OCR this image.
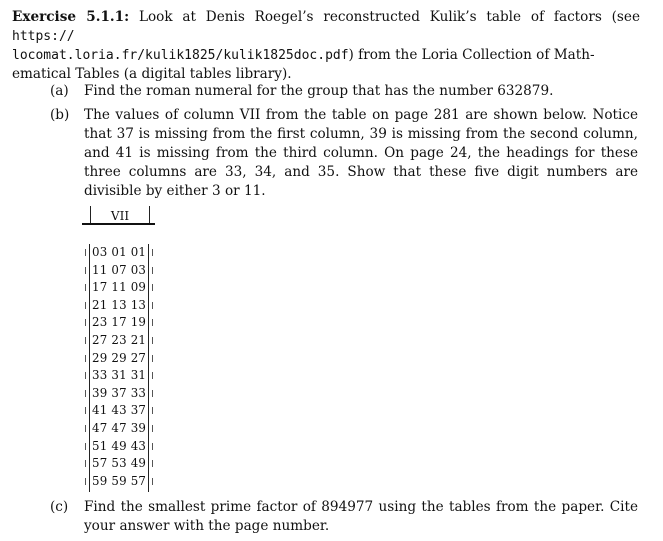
Exercise 5.1.1: Look at Denis Roegel’s reconstructed Kulik’s table of factors (see https://
locomat.loria.fr/kulik1825/kulik1825doc.pdf) from the Loria Collection of Math-
ematical Tables (a digital tables library).
(a) Find the roman numeral for the group that has the number 632879.
(b) The values of column VII from the table on page 281 are shown below. Notice that 37 is missing from the first column, 39 is missing from the second column, and 41 is missing from the third column. On page 24, the headings for these three columns are 33, 34, and 35. Show that these five digit numbers are divisible by either 3 or 11.
VII
03 01 01
11 07 03
17 11 09
21 13 13
23 17 19
27 23 21
29 29 27
33 31 31
39 37 33
41 43 37
47 47 39
51 49 43
57 53 49
59 59 57
(c) Find the smallest prime factor of 894977 using the tables from the paper. Cite your answer with the page number.
